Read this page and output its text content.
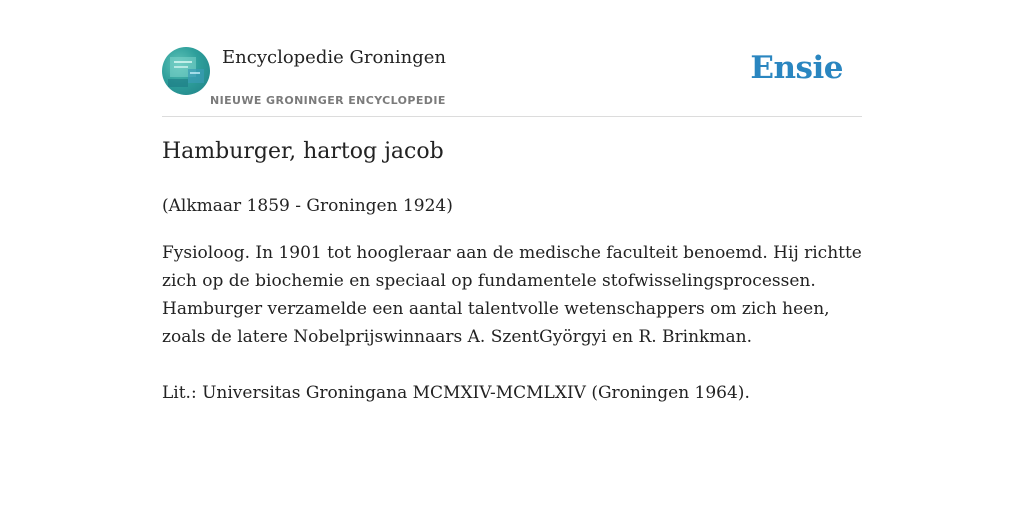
Encyclopedie Groningen
NIEUWE GRONINGER ENCYCLOPEDIE
Ensie
Hamburger, hartog jacob
(Alkmaar 1859 - Groningen 1924)

Fysioloog. In 1901 tot hoogleraar aan de medische faculteit benoemd. Hij richtte zich op de biochemie en speciaal op fundamentele stofwisselingsprocessen. Hamburger verzamelde een aantal talentvolle wetenschappers om zich heen, zoals de latere Nobelprijswinnaars A. SzentGyörgyi en R. Brinkman.

Lit.: Universitas Groningana MCMXIV-MCMLXIV (Groningen 1964).
